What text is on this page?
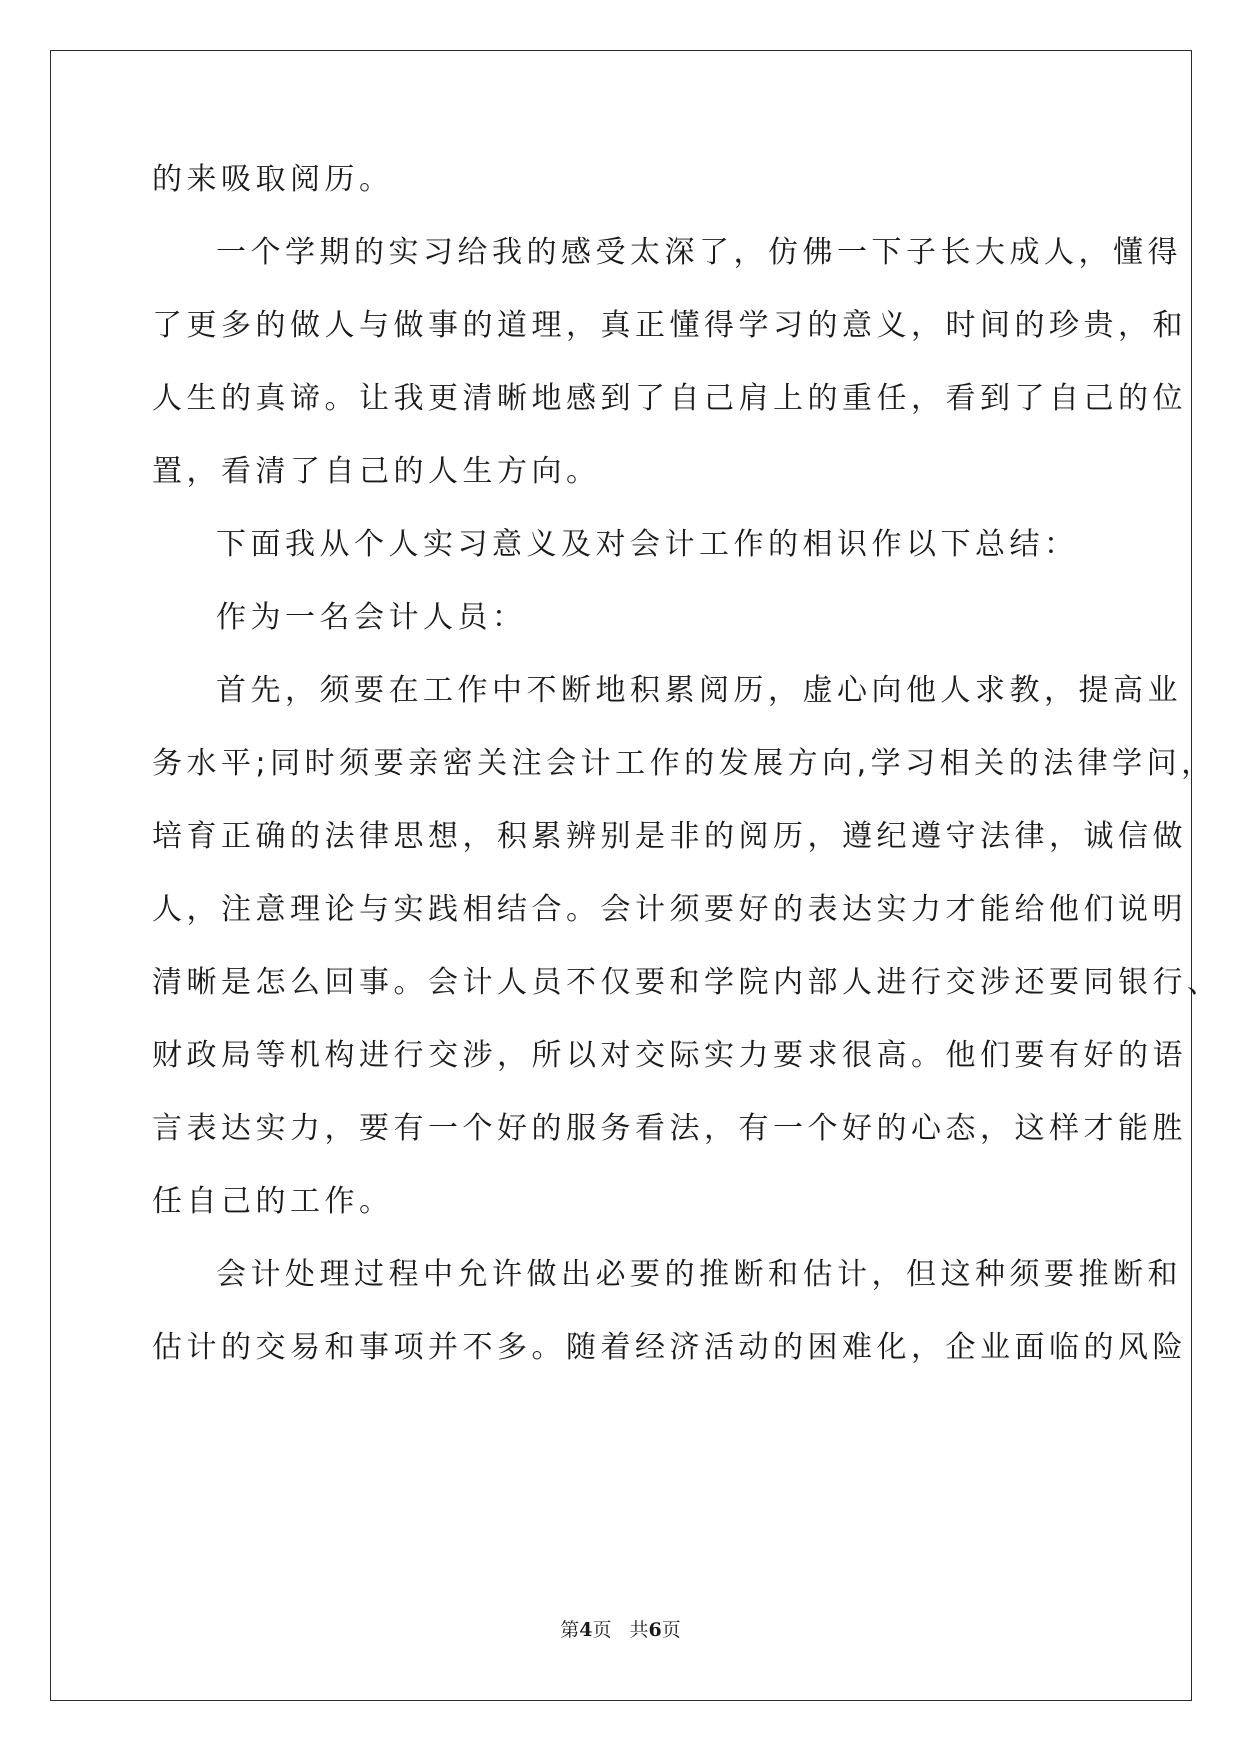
的来吸取阅历。
一个学期的实习给我的感受太深了，仿佛一下子长大成人，懂得
了更多的做人与做事的道理，真正懂得学习的意义，时间的珍贵，和
人生的真谛。让我更清晰地感到了自己肩上的重任，看到了自己的位
置，看清了自己的人生方向。
下面我从个人实习意义及对会计工作的相识作以下总结：
作为一名会计人员：
首先，须要在工作中不断地积累阅历，虚心向他人求教，提高业
务水平;同时须要亲密关注会计工作的发展方向,学习相关的法律学问，
培育正确的法律思想，积累辨别是非的阅历，遵纪遵守法律，诚信做
人，注意理论与实践相结合。会计须要好的表达实力才能给他们说明
清晰是怎么回事。会计人员不仅要和学院内部人进行交涉还要同银行、
财政局等机构进行交涉，所以对交际实力要求很高。他们要有好的语
言表达实力，要有一个好的服务看法，有一个好的心态，这样才能胜
任自己的工作。
会计处理过程中允许做出必要的推断和估计，但这种须要推断和
估计的交易和事项并不多。随着经济活动的困难化，企业面临的风险
第4页 共6页
